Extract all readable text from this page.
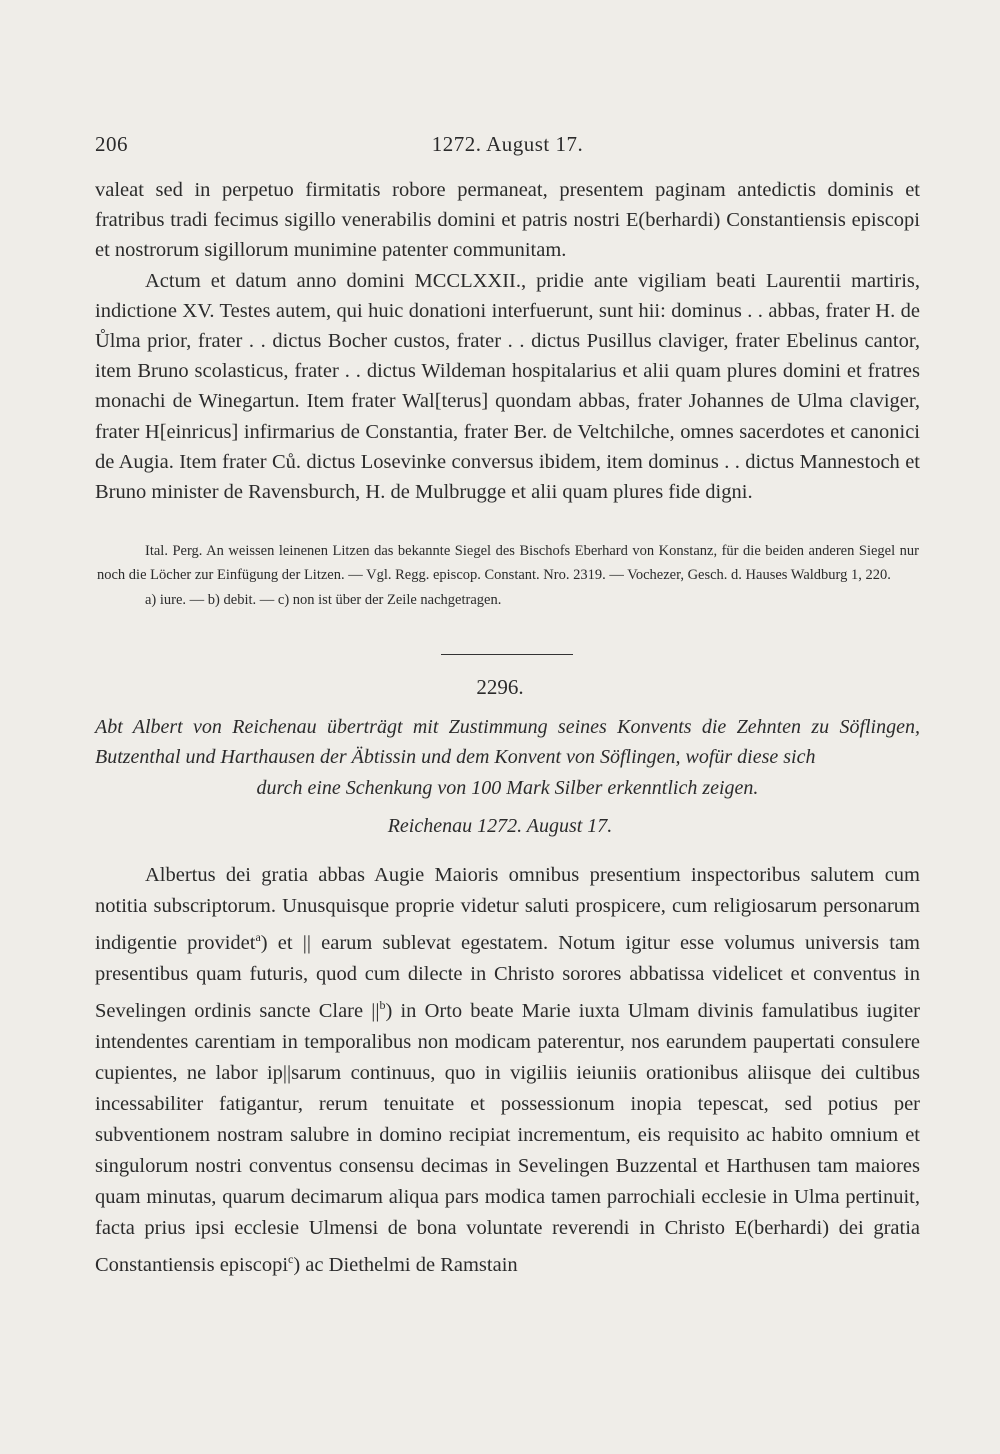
206	1272. August 17.

valeat sed in perpetuo firmitatis robore permaneat, presentem paginam antedictis dominis et fratribus tradi fecimus sigillo venerabilis domini et patris nostri E(berhardi) Constantiensis episcopi et nostrorum sigillorum munimine patenter communitam.

Actum et datum anno domini MCCLXXII., pridie ante vigiliam beati Laurentii martiris, indictione XV. Testes autem, qui huic donationi interfuerunt, sunt hii: dominus . . abbas, frater H. de Ůlma prior, frater . . dictus Bocher custos, frater . . dictus Pusillus claviger, frater Ebelinus cantor, item Bruno scolasticus, frater . . dictus Wildeman hospitalarius et alii quam plures domini et fratres monachi de Winegartun. Item frater Wal[terus] quondam abbas, frater Johannes de Ulma claviger, frater H[einricus] infirmarius de Constantia, frater Ber. de Veltchilche, omnes sacerdotes et canonici de Augia. Item frater Ců. dictus Losevinke conversus ibidem, item dominus . . dictus Mannestoch et Bruno minister de Ravensburch, H. de Mulbrugge et alii quam plures fide digni.

Ital. Perg. An weissen leinenen Litzen das bekannte Siegel des Bischofs Eberhard von Konstanz, für die beiden anderen Siegel nur noch die Löcher zur Einfügung der Litzen. — Vgl. Regg. episcop. Constant. Nro. 2319. — Vochezer, Gesch. d. Hauses Waldburg 1, 220.

a) iure. — b) debit. — c) non ist über der Zeile nachgetragen.

2296.

Abt Albert von Reichenau überträgt mit Zustimmung seines Konvents die Zehnten zu Söflingen, Butzenthal und Harthausen der Äbtissin und dem Konvent von Söflingen, wofür diese sich

durch eine Schenkung von 100 Mark Silber erkenntlich zeigen.

Reichenau 1272. August 17.

Albertus dei gratia abbas Augie Maioris omnibus presentium inspectoribus salutem cum notitia subscriptorum. Unusquisque proprie videtur saluti prospicere, cum religiosarum personarum indigentie providet$^a$) et || earum sublevat egestatem. Notum igitur esse volumus universis tam presentibus quam futuris, quod cum dilecte in Christo sorores abbatissa videlicet et conventus in Sevelingen ordinis sancte Clare $||^b$) in Orto beate Marie iuxta Ulmam divinis famulatibus iugiter intendentes carentiam in temporalibus non modicam paterentur, nos earundem paupertati consulere cupientes, ne labor ip||sarum continuus, quo in vigiliis ieiuniis orationibus aliisque dei cultibus incessabiliter fatigantur, rerum tenuitate et possessionum inopia tepescat, sed potius per subventionem nostram salubre in domino recipiat incrementum, eis requisito ac habito omnium et singulorum nostri conventus consensu decimas in Sevelingen Buzzental et Harthusen tam maiores quam minutas, quarum decimarum aliqua pars modica tamen parrochiali ecclesie in Ulma pertinuit, facta prius ipsi ecclesie Ulmensi de bona voluntate reverendi in Christo E(berhardi) dei gratia Constantiensis episcopi$^c$) ac Diethelmi de Ramstain
